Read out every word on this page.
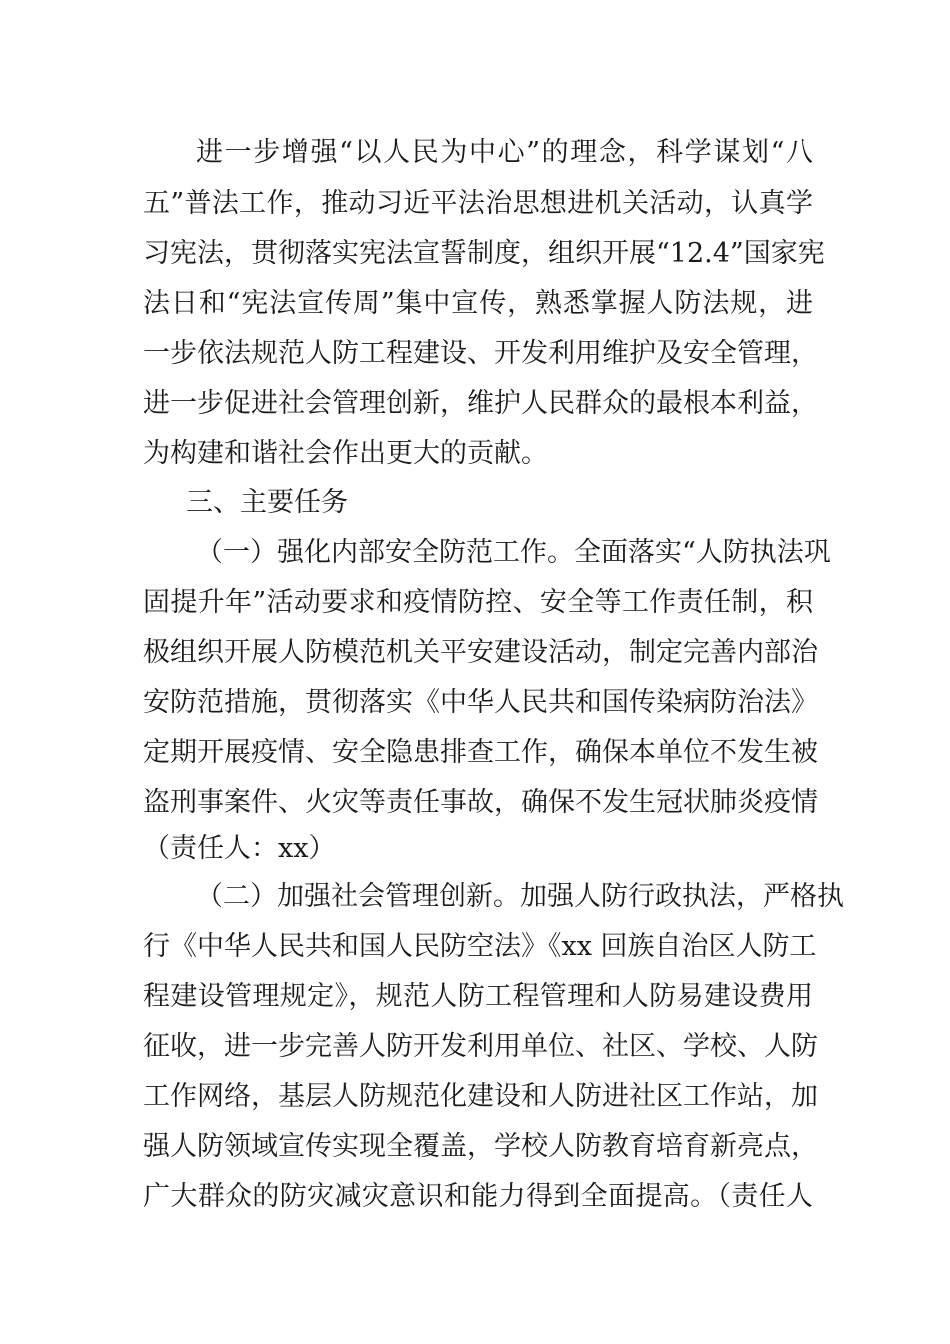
进一步增强“以人民为中心”的理念，科学谋划“八
五”普法工作，推动习近平法治思想进机关活动，认真学
习宪法，贯彻落实宪法宣誓制度，组织开展“12.4”国家宪
法日和“宪法宣传周”集中宣传，熟悉掌握人防法规，进
一步依法规范人防工程建设、开发利用维护及安全管理，
进一步促进社会管理创新，维护人民群众的最根本利益，
为构建和谐社会作出更大的贡献。
三、主要任务
（一）强化内部安全防范工作。全面落实“人防执法巩
固提升年”活动要求和疫情防控、安全等工作责任制，积
极组织开展人防模范机关平安建设活动，制定完善内部治
安防范措施，贯彻落实《中华人民共和国传染病防治法》
定期开展疫情、安全隐患排查工作，确保本单位不发生被
盗刑事案件、火灾等责任事故，确保不发生冠状肺炎疫情
（责任人：xx）
（二）加强社会管理创新。加强人防行政执法，严格执
行《中华人民共和国人民防空法》《xx 回族自治区人防工
程建设管理规定》，规范人防工程管理和人防易建设费用
征收，进一步完善人防开发利用单位、社区、学校、人防
工作网络，基层人防规范化建设和人防进社区工作站，加
强人防领域宣传实现全覆盖，学校人防教育培育新亮点，
广大群众的防灾减灾意识和能力得到全面提高。（责任人
